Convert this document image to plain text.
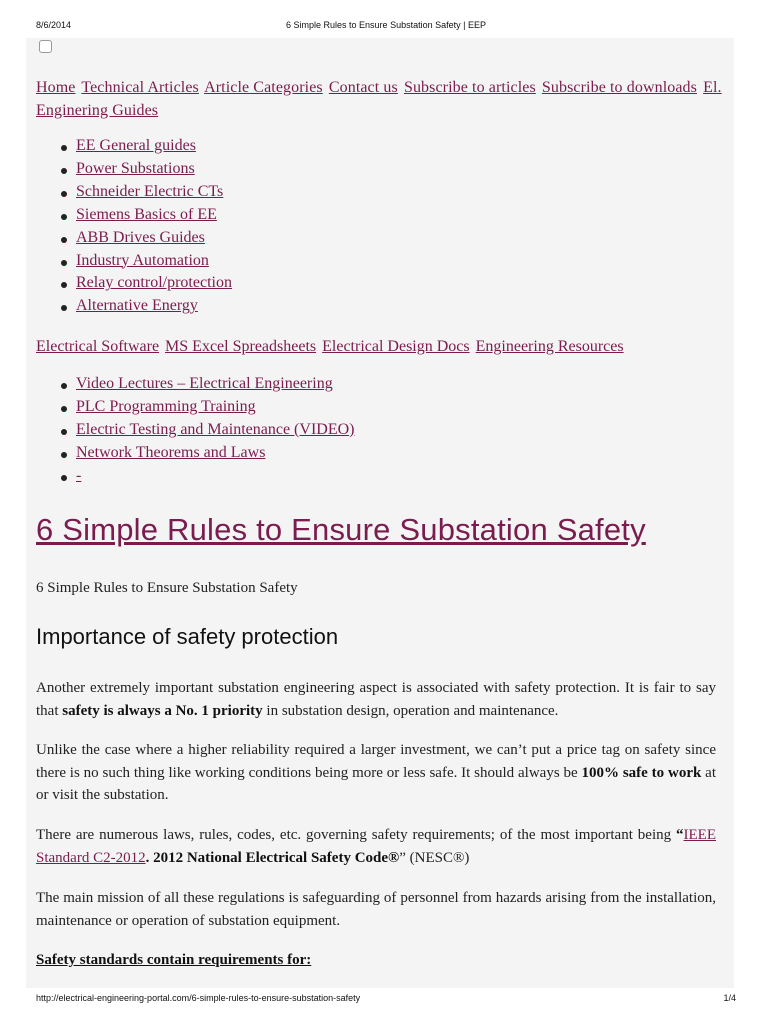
8/6/2014	6 Simple Rules to Ensure Substation Safety | EEP
Home Technical Articles Article Categories Contact us Subscribe to articles Subscribe to downloads El. Enginering Guides
EE General guides
Power Substations
Schneider Electric CTs
Siemens Basics of EE
ABB Drives Guides
Industry Automation
Relay control/protection
Alternative Energy
Electrical Software MS Excel Spreadsheets Electrical Design Docs Engineering Resources
Video Lectures – Electrical Engineering
PLC Programming Training
Electric Testing and Maintenance (VIDEO)
Network Theorems and Laws
-
6 Simple Rules to Ensure Substation Safety
6 Simple Rules to Ensure Substation Safety
Importance of safety protection

Another extremely important substation engineering aspect is associated with safety protection. It is fair to say that safety is always a No. 1 priority in substation design, operation and maintenance.

Unlike the case where a higher reliability required a larger investment, we can’t put a price tag on safety since there is no such thing like working conditions being more or less safe. It should always be 100% safe to work at or visit the substation.

There are numerous laws, rules, codes, etc. governing safety requirements; of the most important being “IEEE Standard C2-2012. 2012 National Electrical Safety Code®” (NESC®)

The main mission of all these regulations is safeguarding of personnel from hazards arising from the installation, maintenance or operation of substation equipment.

Safety standards contain requirements for:

http://electrical-engineering-portal.com/6-simple-rules-to-ensure-substation-safety	1/4
